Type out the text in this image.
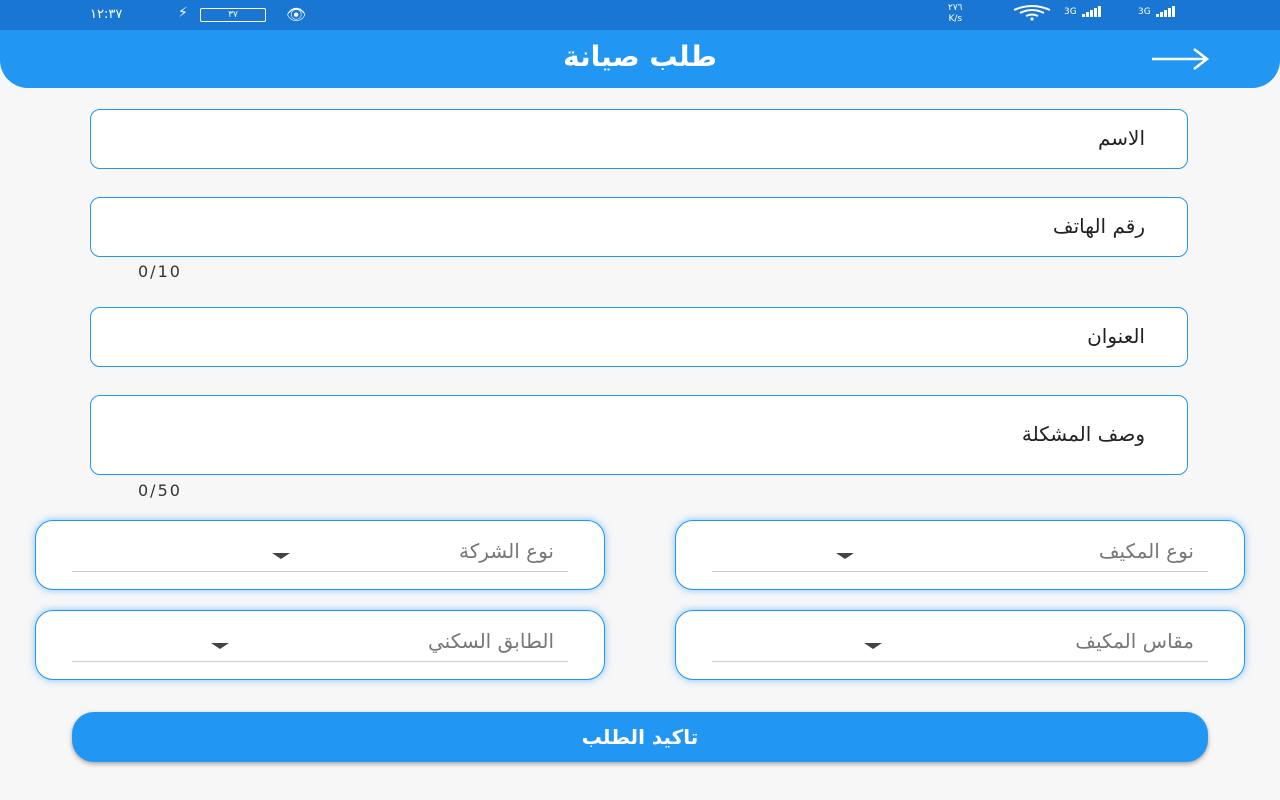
١٢:٣٧	⚡	٣٧	👁	٢٧٦
K/s
3G	3G
طلب صيانة
الاسم
رقم الهاتف
0/10
العنوان
وصف المشكلة
0/50
نوع الشركة	نوع المكيف
الطابق السكني	مقاس المكيف
تاكيد الطلب
